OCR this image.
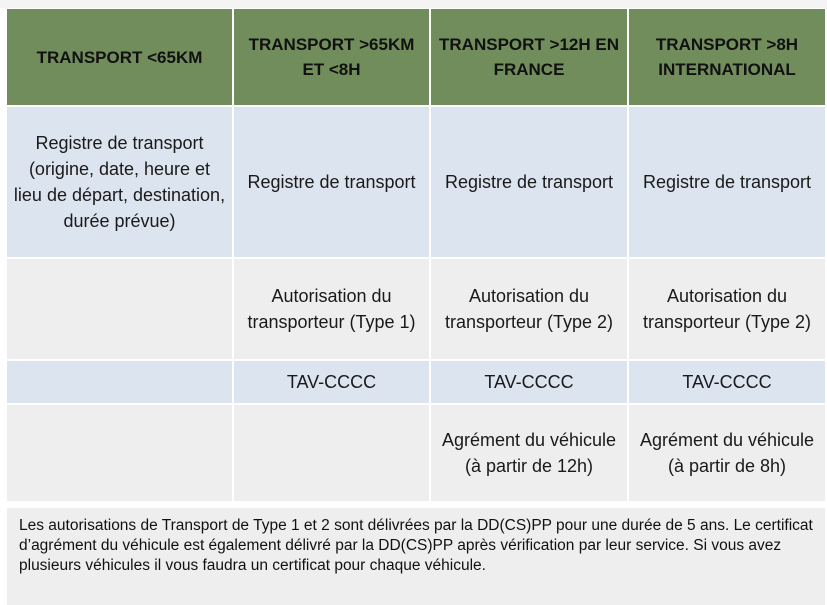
TRANSPORT <65KM	TRANSPORT >65KM ET <8H	TRANSPORT >12H EN FRANCE	TRANSPORT >8H INTERNATIONAL
Registre de transport (origine, date, heure et lieu de départ, destination, durée prévue)	Registre de transport	Registre de transport	Registre de transport
	Autorisation du transporteur (Type 1)	Autorisation du transporteur (Type 2)	Autorisation du transporteur (Type 2)
	TAV-CCCC	TAV-CCCC	TAV-CCCC
		Agrément du véhicule (à partir de 12h)	Agrément du véhicule (à partir de 8h)
Les autorisations de Transport de Type 1 et 2 sont délivrées par la DD(CS)PP pour une durée de 5 ans. Le certificat d’agrément du véhicule est également délivré par la DD(CS)PP après vérification par leur service. Si vous avez plusieurs véhicules il vous faudra un certificat pour chaque véhicule.
